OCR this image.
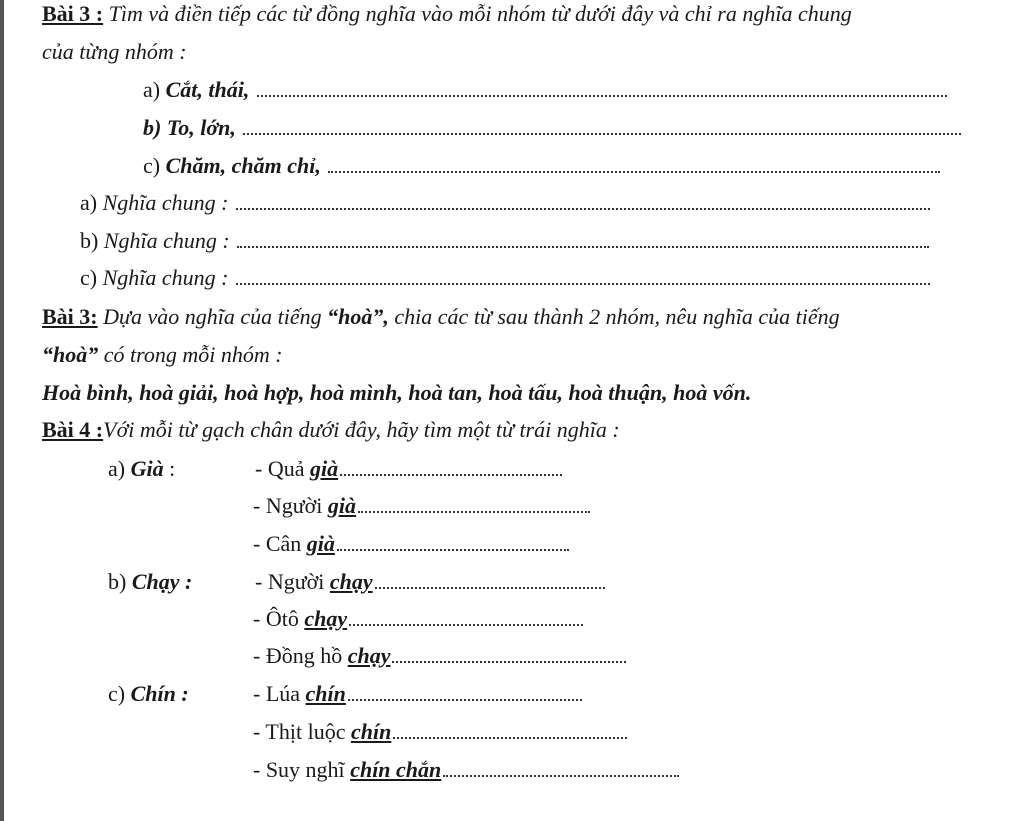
Bài 3 : Tìm và điền tiếp các từ đồng nghĩa vào mỗi nhóm từ dưới đây và chỉ ra nghĩa chung
của từng nhóm :
a) Cắt, thái,
b) To, lớn,
c) Chăm, chăm chỉ,
a) Nghĩa chung :
b) Nghĩa chung :
c) Nghĩa chung :
Bài 3: Dựa vào nghĩa của tiếng “hoà”, chia các từ sau thành 2 nhóm, nêu nghĩa của tiếng
“hoà” có trong mỗi nhóm :
Hoà bình, hoà giải, hoà hợp, hoà mình, hoà tan, hoà tấu, hoà thuận, hoà vốn.
Bài 4 :Với mỗi từ gạch chân dưới đây, hãy tìm một từ trái nghĩa :
a) Già :	- Quả già
- Người già
- Cân già
b) Chạy :	- Người chạy
- Ôtô chạy
- Đồng hồ chạy
c) Chín :	- Lúa chín
- Thịt luộc chín
- Suy nghĩ chín chắn
